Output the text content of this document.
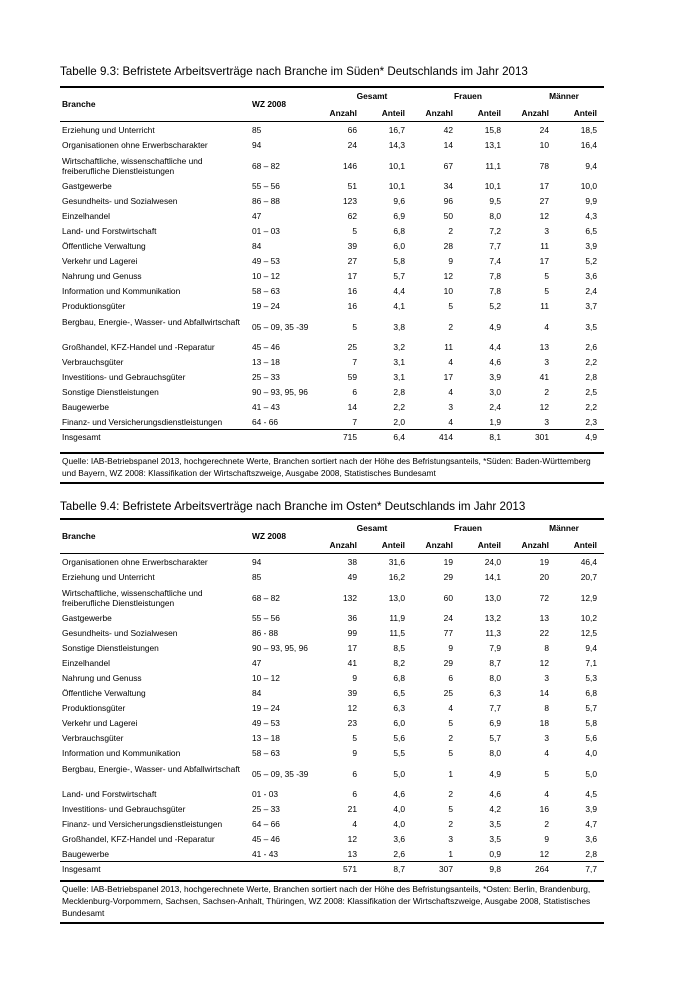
Tabelle 9.3: Befristete Arbeitsverträge nach Branche im Süden* Deutschlands im Jahr 2013
Branche	WZ 2008
Gesamt	Frauen	Männer
Anzahl	Anteil	Anzahl	Anteil	Anzahl	Anteil
Erziehung und Unterricht	85	66	16,7	42	15,8	24	18,5
Organisationen ohne Erwerbscharakter	94	24	14,3	14	13,1	10	16,4
Wirtschaftliche, wissenschaftliche und freiberufliche Dienstleistungen
68 – 82	146	10,1	67	11,1	78	9,4
Gastgewerbe	55 – 56	51	10,1	34	10,1	17	10,0
Gesundheits- und Sozialwesen	86 – 88	123	9,6	96	9,5	27	9,9
Einzelhandel	47	62	6,9	50	8,0	12	4,3
Land- und Forstwirtschaft	01 – 03	5	6,8	2	7,2	3	6,5
Öffentliche Verwaltung	84	39	6,0	28	7,7	11	3,9
Verkehr und Lagerei	49 – 53	27	5,8	9	7,4	17	5,2
Nahrung und Genuss	10 – 12	17	5,7	12	7,8	5	3,6
Information und Kommunikation	58 – 63	16	4,4	10	7,8	5	2,4
Produktionsgüter	19 – 24	16	4,1	5	5,2	11	3,7
Bergbau, Energie-, Wasser- und Abfallwirtschaft
05 – 09, 35 -39	5	3,8	2	4,9	4	3,5
Großhandel, KFZ-Handel und -Reparatur	45 – 46	25	3,2	11	4,4	13	2,6
Verbrauchsgüter	13 – 18	7	3,1	4	4,6	3	2,2
Investitions- und Gebrauchsgüter	25 – 33	59	3,1	17	3,9	41	2,8
Sonstige Dienstleistungen	90 – 93, 95, 96	6	2,8	4	3,0	2	2,5
Baugewerbe	41 – 43	14	2,2	3	2,4	12	2,2
Finanz- und Versicherungsdienstleistungen	64 - 66	7	2,0	4	1,9	3	2,3
Insgesamt	715	6,4	414	8,1	301	4,9
Quelle: IAB-Betriebspanel 2013, hochgerechnete Werte, Branchen sortiert nach der Höhe des Befristungsanteils, *Süden: Baden-Württemberg und Bayern, WZ 2008: Klassifikation der Wirtschaftszweige, Ausgabe 2008, Statistisches Bundesamt
Tabelle 9.4: Befristete Arbeitsverträge nach Branche im Osten* Deutschlands im Jahr 2013
Branche	WZ 2008
Gesamt	Frauen	Männer
Anzahl	Anteil	Anzahl	Anteil	Anzahl	Anteil
Organisationen ohne Erwerbscharakter	94	38	31,6	19	24,0	19	46,4
Erziehung und Unterricht	85	49	16,2	29	14,1	20	20,7
Wirtschaftliche, wissenschaftliche und freiberufliche Dienstleistungen
68 – 82	132	13,0	60	13,0	72	12,9
Gastgewerbe	55 – 56	36	11,9	24	13,2	13	10,2
Gesundheits- und Sozialwesen	86 - 88	99	11,5	77	11,3	22	12,5
Sonstige Dienstleistungen	90 – 93, 95, 96	17	8,5	9	7,9	8	9,4
Einzelhandel	47	41	8,2	29	8,7	12	7,1
Nahrung und Genuss	10 – 12	9	6,8	6	8,0	3	5,3
Öffentliche Verwaltung	84	39	6,5	25	6,3	14	6,8
Produktionsgüter	19 – 24	12	6,3	4	7,7	8	5,7
Verkehr und Lagerei	49 – 53	23	6,0	5	6,9	18	5,8
Verbrauchsgüter	13 – 18	5	5,6	2	5,7	3	5,6
Information und Kommunikation	58 – 63	9	5,5	5	8,0	4	4,0
Bergbau, Energie-, Wasser- und Abfallwirtschaft
05 – 09, 35 -39	6	5,0	1	4,9	5	5,0
Land- und Forstwirtschaft	01 - 03	6	4,6	2	4,6	4	4,5
Investitions- und Gebrauchsgüter	25 – 33	21	4,0	5	4,2	16	3,9
Finanz- und Versicherungsdienstleistungen	64 – 66	4	4,0	2	3,5	2	4,7
Großhandel, KFZ-Handel und -Reparatur	45 – 46	12	3,6	3	3,5	9	3,6
Baugewerbe	41 - 43	13	2,6	1	0,9	12	2,8
Insgesamt	571	8,7	307	9,8	264	7,7
Quelle: IAB-Betriebspanel 2013, hochgerechnete Werte, Branchen sortiert nach der Höhe des Befristungsanteils, *Osten: Berlin, Brandenburg, Mecklenburg-Vorpommern, Sachsen, Sachsen-Anhalt, Thüringen, WZ 2008: Klassifikation der Wirtschaftszweige, Ausgabe 2008, Statistisches Bundesamt
